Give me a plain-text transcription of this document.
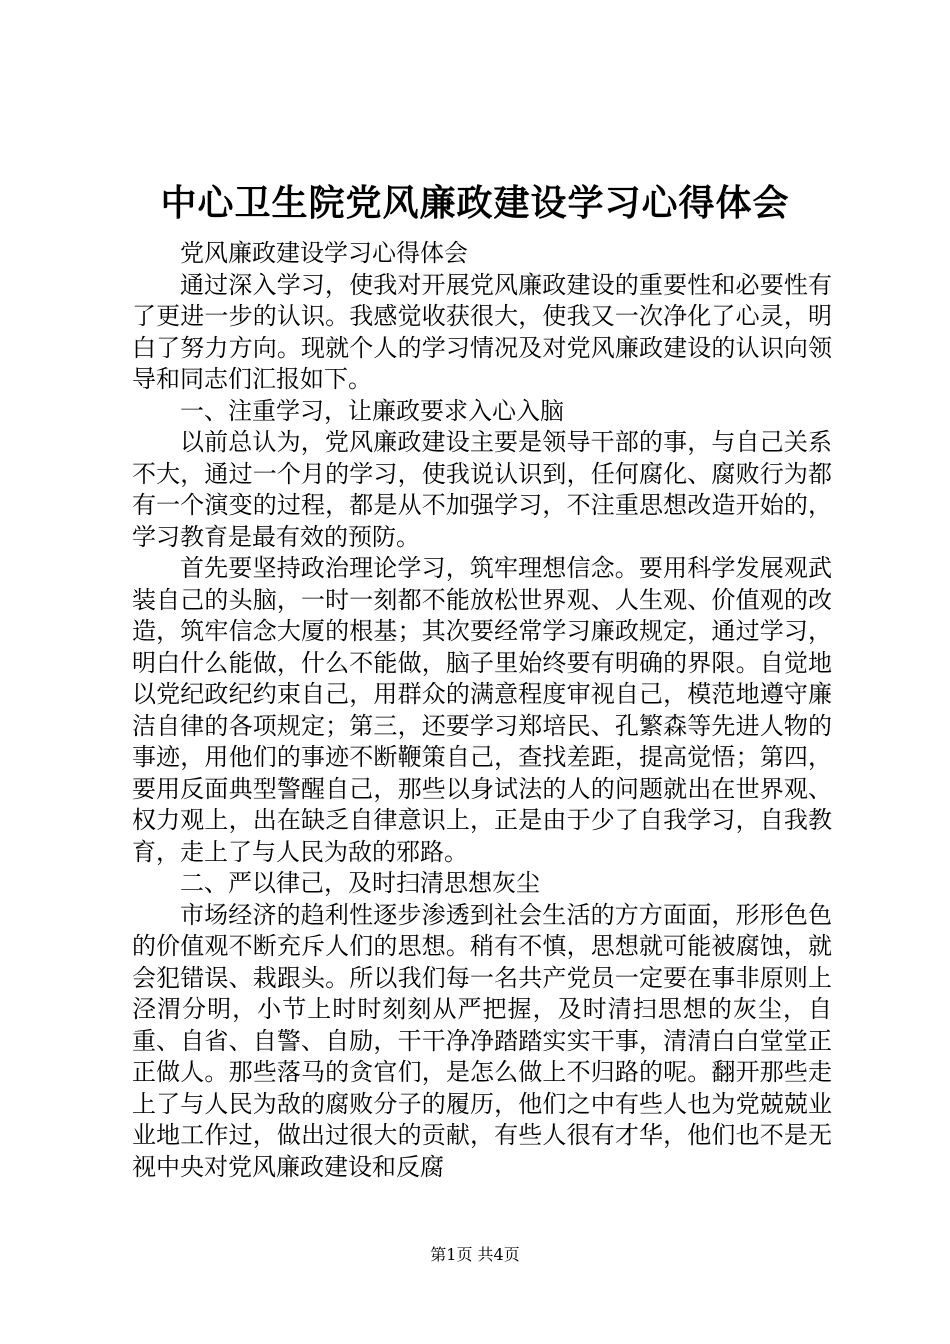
中心卫生院党风廉政建设学习心得体会

党风廉政建设学习心得体会

通过深入学习，使我对开展党风廉政建设的重要性和必要性有了更进一步的认识。我感觉收获很大，使我又一次净化了心灵，明白了努力方向。现就个人的学习情况及对党风廉政建设的认识向领导和同志们汇报如下。

一、注重学习，让廉政要求入心入脑

以前总认为，党风廉政建设主要是领导干部的事，与自己关系不大，通过一个月的学习，使我说认识到，任何腐化、腐败行为都有一个演变的过程，都是从不加强学习，不注重思想改造开始的，学习教育是最有效的预防。

首先要坚持政治理论学习，筑牢理想信念。要用科学发展观武装自己的头脑，一时一刻都不能放松世界观、人生观、价值观的改造，筑牢信念大厦的根基；其次要经常学习廉政规定，通过学习，明白什么能做，什么不能做，脑子里始终要有明确的界限。自觉地以党纪政纪约束自己，用群众的满意程度审视自己，模范地遵守廉洁自律的各项规定；第三，还要学习郑培民、孔繁森等先进人物的事迹，用他们的事迹不断鞭策自己，查找差距，提高觉悟；第四，要用反面典型警醒自己，那些以身试法的人的问题就出在世界观、权力观上，出在缺乏自律意识上，正是由于少了自我学习，自我教育，走上了与人民为敌的邪路。

二、严以律己，及时扫清思想灰尘

市场经济的趋利性逐步渗透到社会生活的方方面面，形形色色的价值观不断充斥人们的思想。稍有不慎，思想就可能被腐蚀，就会犯错误、栽跟头。所以我们每一名共产党员一定要在事非原则上泾渭分明，小节上时时刻刻从严把握，及时清扫思想的灰尘，自重、自省、自警、自励，干干净净踏踏实实干事，清清白白堂堂正正做人。那些落马的贪官们，是怎么做上不归路的呢。翻开那些走上了与人民为敌的腐败分子的履历，他们之中有些人也为党兢兢业业地工作过，做出过很大的贡献，有些人很有才华，他们也不是无视中央对党风廉政建设和反腐

第1页 共4页
